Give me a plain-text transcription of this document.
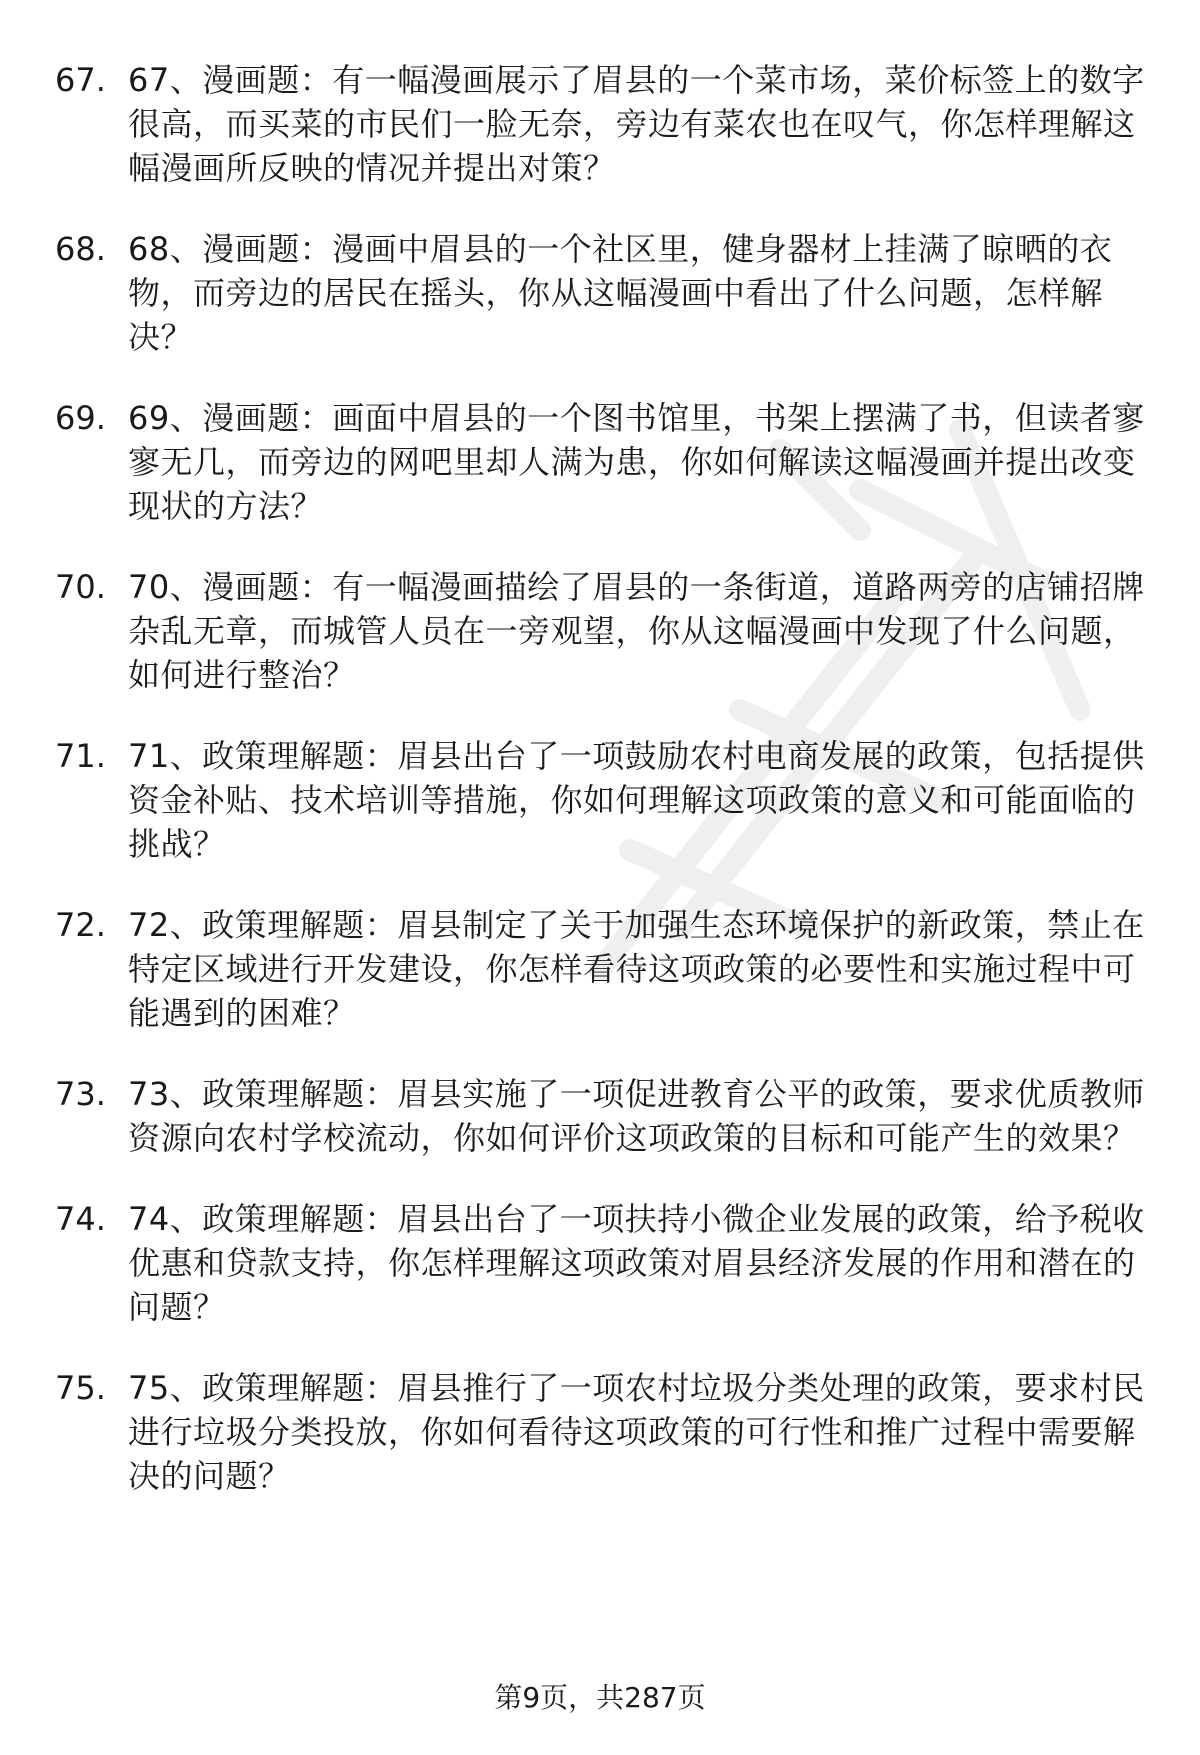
67. 67、漫画题：有一幅漫画展示了眉县的一个菜市场，菜价标签上的数字很高，而买菜的市民们一脸无奈，旁边有菜农也在叹气，你怎样理解这幅漫画所反映的情况并提出对策？
68. 68、漫画题：漫画中眉县的一个社区里，健身器材上挂满了晾晒的衣物，而旁边的居民在摇头，你从这幅漫画中看出了什么问题，怎样解决？
69. 69、漫画题：画面中眉县的一个图书馆里，书架上摆满了书，但读者寥寥无几，而旁边的网吧里却人满为患，你如何解读这幅漫画并提出改变现状的方法？
70. 70、漫画题：有一幅漫画描绘了眉县的一条街道，道路两旁的店铺招牌杂乱无章，而城管人员在一旁观望，你从这幅漫画中发现了什么问题，如何进行整治？
71. 71、政策理解题：眉县出台了一项鼓励农村电商发展的政策，包括提供资金补贴、技术培训等措施，你如何理解这项政策的意义和可能面临的挑战？
72. 72、政策理解题：眉县制定了关于加强生态环境保护的新政策，禁止在特定区域进行开发建设，你怎样看待这项政策的必要性和实施过程中可能遇到的困难？
73. 73、政策理解题：眉县实施了一项促进教育公平的政策，要求优质教师资源向农村学校流动，你如何评价这项政策的目标和可能产生的效果？
74. 74、政策理解题：眉县出台了一项扶持小微企业发展的政策，给予税收优惠和贷款支持，你怎样理解这项政策对眉县经济发展的作用和潜在的问题？
75. 75、政策理解题：眉县推行了一项农村垃圾分类处理的政策，要求村民进行垃圾分类投放，你如何看待这项政策的可行性和推广过程中需要解决的问题？
第9页，共287页
